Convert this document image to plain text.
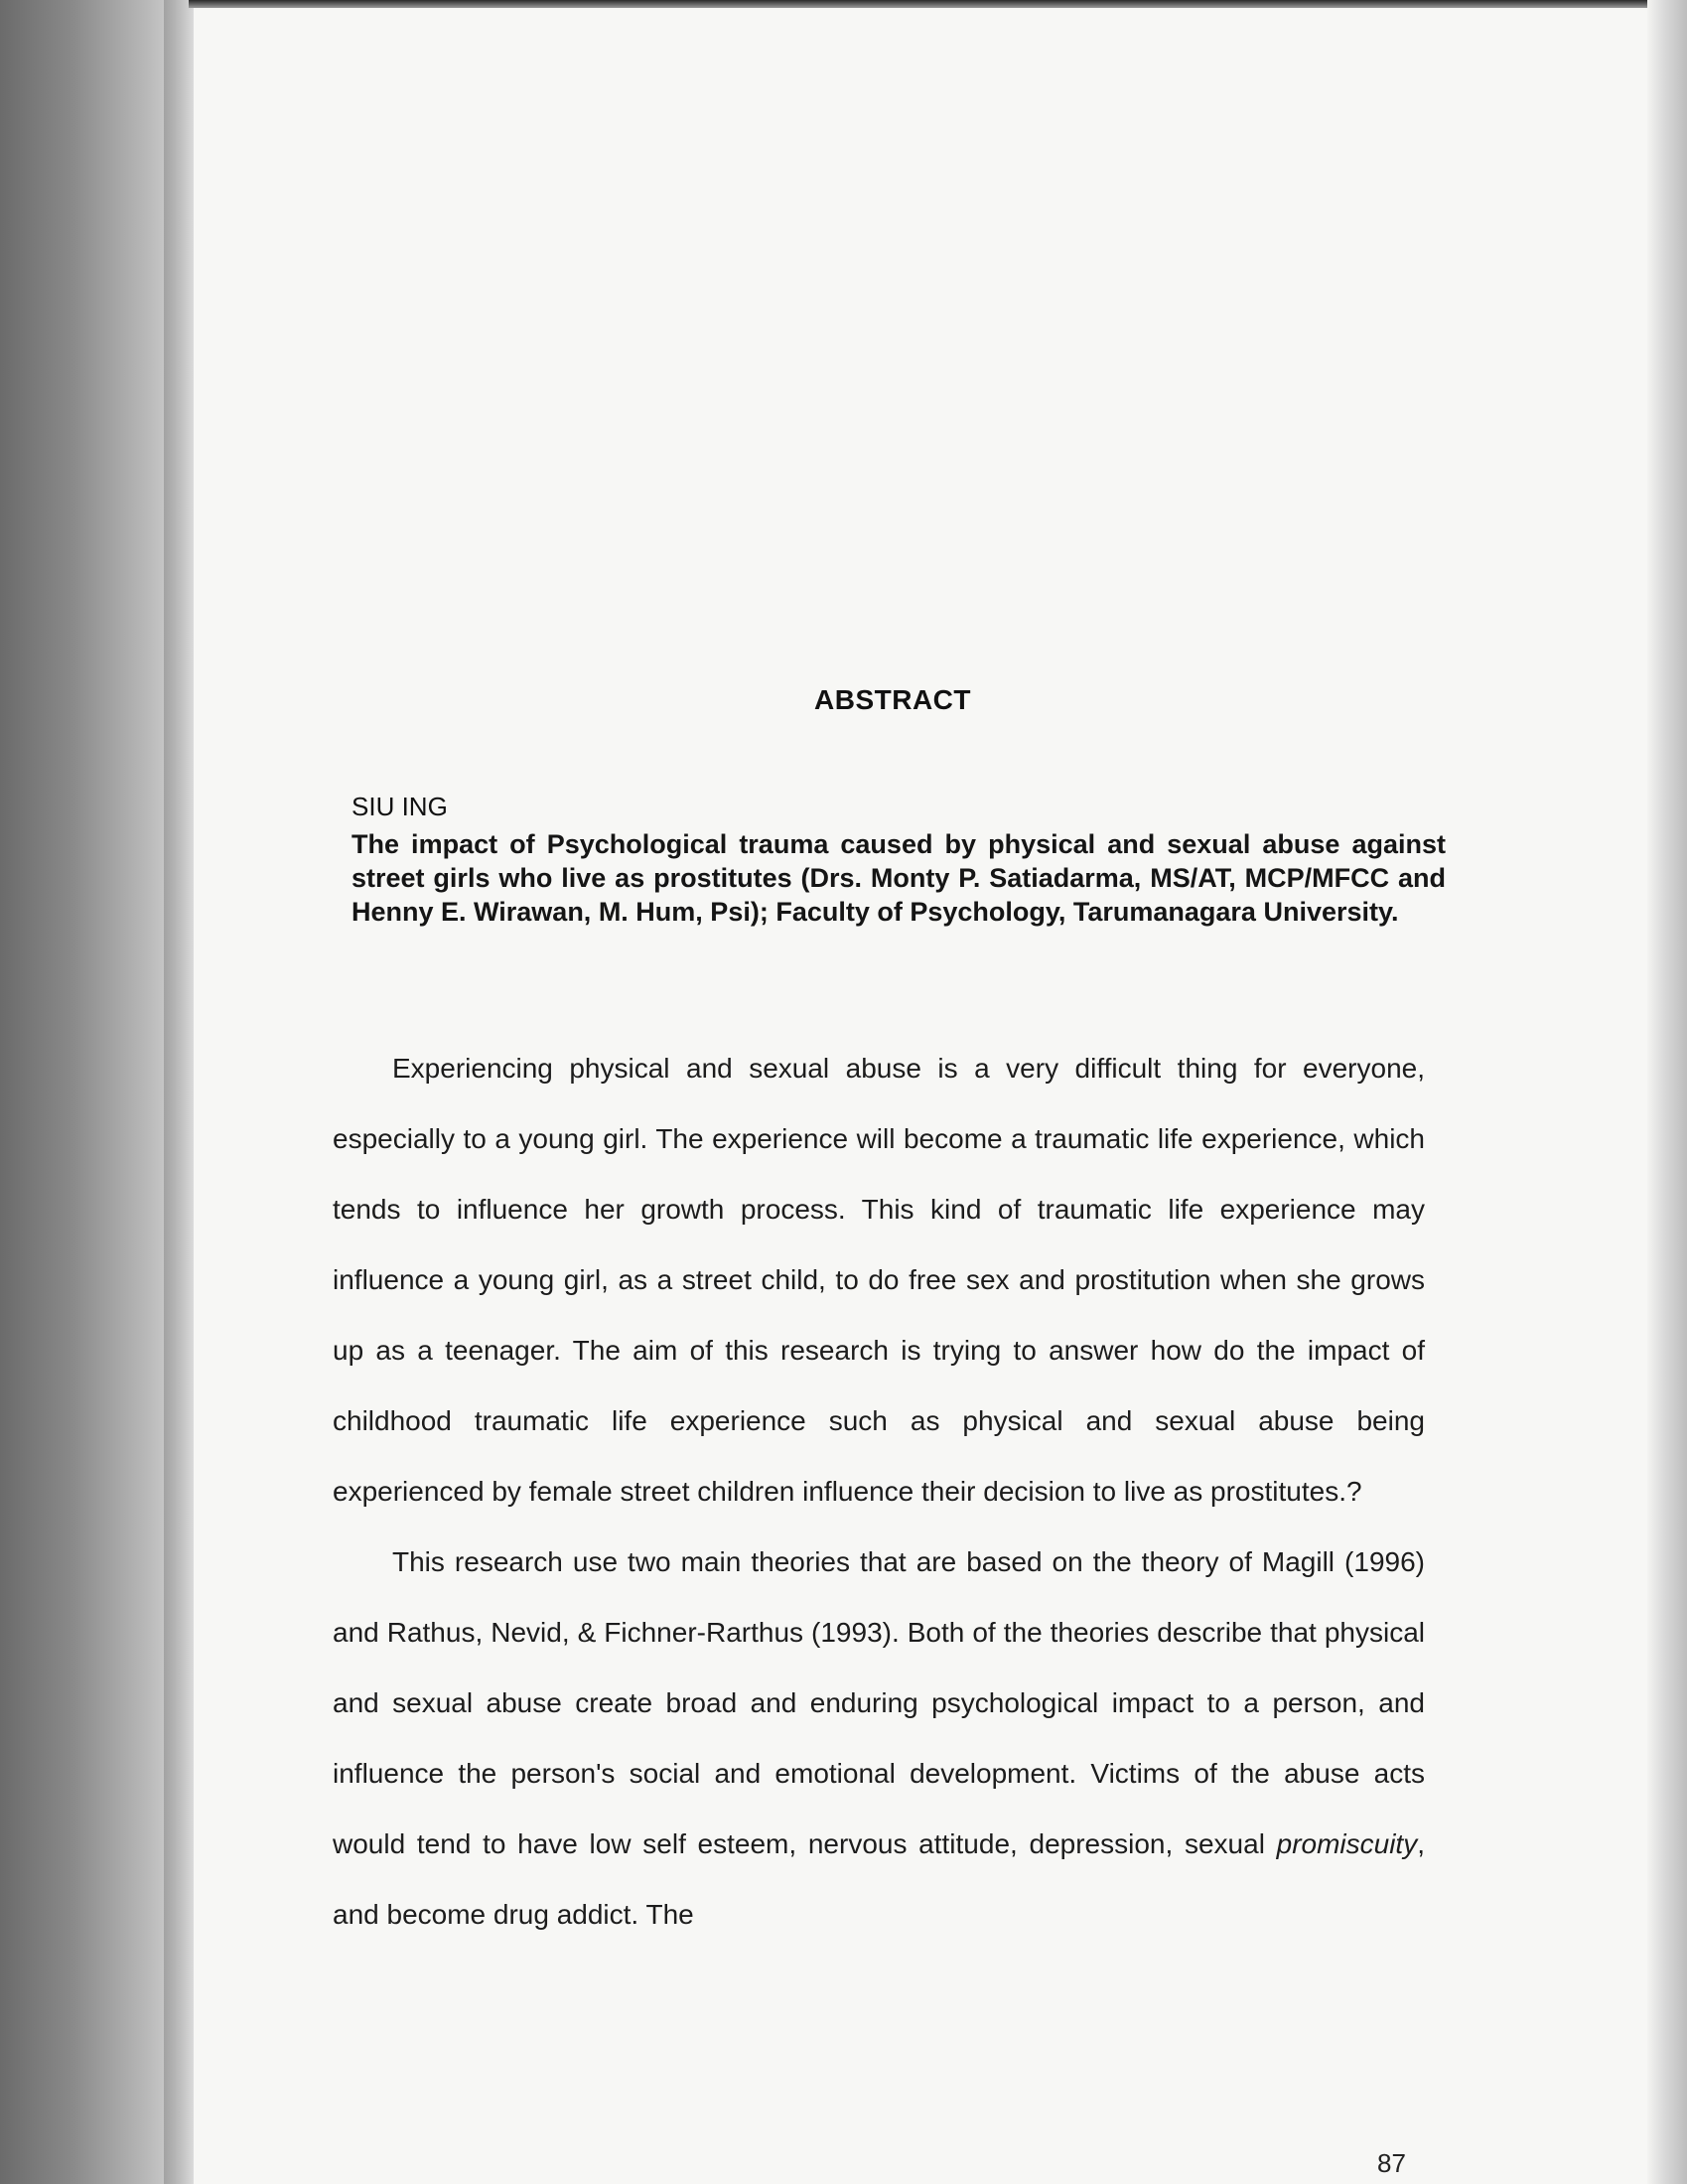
ABSTRACT
SIU ING
The impact of Psychological trauma caused by physical and sexual abuse against street girls who live as prostitutes (Drs. Monty P. Satiadarma, MS/AT, MCP/MFCC and Henny E. Wirawan, M. Hum, Psi); Faculty of Psychology, Tarumanagara University.

Experiencing physical and sexual abuse is a very difficult thing for everyone, especially to a young girl. The experience will become a traumatic life experience, which tends to influence her growth process. This kind of traumatic life experience may influence a young girl, as a street child, to do free sex and prostitution when she grows up as a teenager. The aim of this research is trying to answer how do the impact of childhood traumatic life experience such as physical and sexual abuse being experienced by female street children influence their decision to live as prostitutes.?

This research use two main theories that are based on the theory of Magill (1996) and Rathus, Nevid, & Fichner-Rarthus (1993). Both of the theories describe that physical and sexual abuse create broad and enduring psychological impact to a person, and influence the person's social and emotional development. Victims of the abuse acts would tend to have low self esteem, nervous attitude, depression, sexual promiscuity, and become drug addict. The

87
